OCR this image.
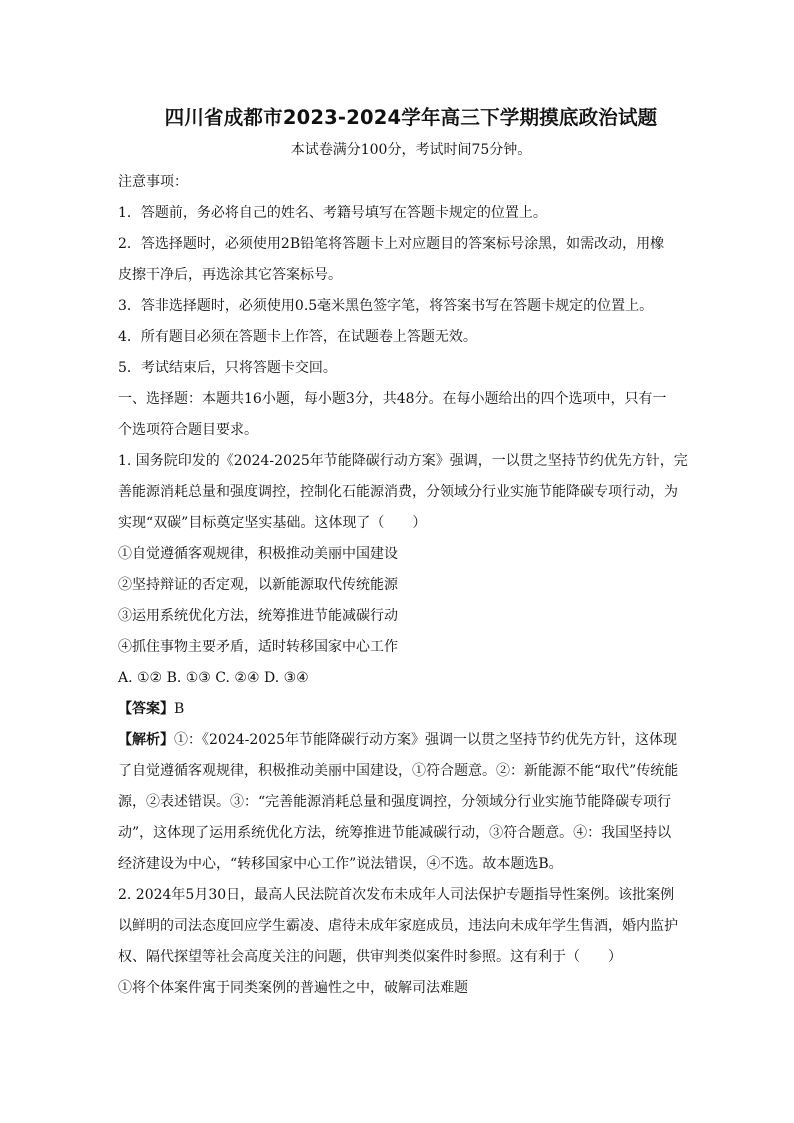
四川省成都市2023-2024学年高三下学期摸底政治试题

本试卷满分100分，考试时间75分钟。

注意事项：

1．答题前，务必将自己的姓名、考籍号填写在答题卡规定的位置上。

2．答选择题时，必须使用2B铅笔将答题卡上对应题目的答案标号涂黑，如需改动，用橡

皮擦干净后，再选涂其它答案标号。

3．答非选择题时，必须使用0.5毫米黑色签字笔，将答案书写在答题卡规定的位置上。

4．所有题目必须在答题卡上作答，在试题卷上答题无效。

5．考试结束后，只将答题卡交回。

一、选择题：本题共16小题，每小题3分，共48分。在每小题给出的四个选项中，只有一

个选项符合题目要求。

1. 国务院印发的《2024-2025年节能降碳行动方案》强调，一以贯之坚持节约优先方针，完

善能源消耗总量和强度调控，控制化石能源消费，分领域分行业实施节能降碳专项行动，为

实现“双碳”目标奠定坚实基础。这体现了（　　）

①自觉遵循客观规律，积极推动美丽中国建设

②坚持辩证的否定观，以新能源取代传统能源

③运用系统优化方法，统筹推进节能减碳行动

④抓住事物主要矛盾，适时转移国家中心工作

A. ①② B. ①③ C. ②④ D. ③④

【答案】B

【解析】①：《2024-2025年节能降碳行动方案》强调一以贯之坚持节约优先方针，这体现

了自觉遵循客观规律，积极推动美丽中国建设，①符合题意。②：新能源不能“取代”传统能

源，②表述错误。③：“完善能源消耗总量和强度调控，分领域分行业实施节能降碳专项行

动”，这体现了运用系统优化方法，统筹推进节能减碳行动，③符合题意。④：我国坚持以

经济建设为中心，“转移国家中心工作”说法错误，④不选。故本题选B。

2. 2024年5月30日，最高人民法院首次发布未成年人司法保护专题指导性案例。该批案例

以鲜明的司法态度回应学生霸凌、虐待未成年家庭成员，违法向未成年学生售酒，婚内监护

权、隔代探望等社会高度关注的问题，供审判类似案件时参照。这有利于（　　）

①将个体案件寓于同类案例的普遍性之中，破解司法难题
